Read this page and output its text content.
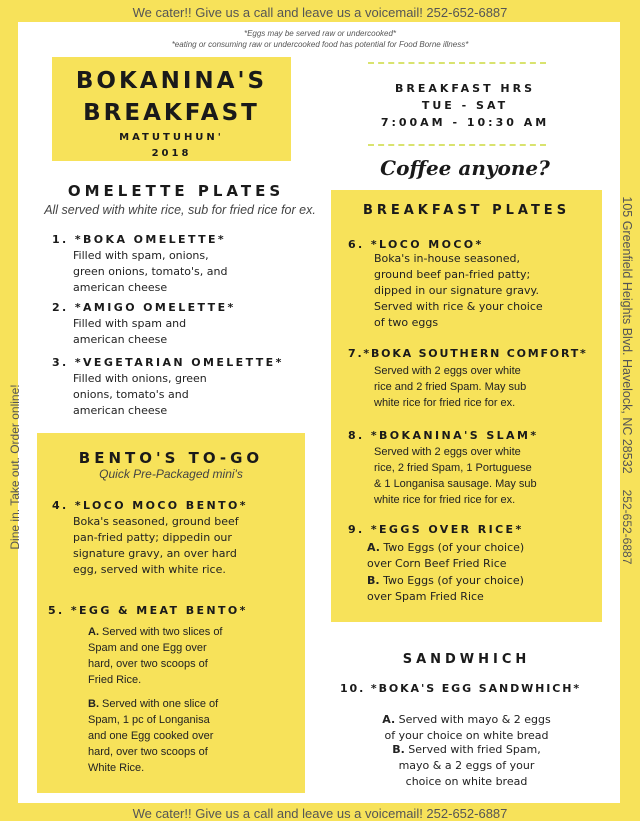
We cater!! Give us a call and leave us a voicemail! 252-652-6887
We cater!! Give us a call and leave us a voicemail! 252-652-6887
Dine in. Take out. Order online!	105 Greenfield Heights Blvd. Havelock, NC 28532
252-652-6887
*Eggs may be served raw or undercooked*
*eating or consuming raw or undercooked food has potential for Food Borne illness*
BOKANINA'S
BREAKFAST
MATUTUHUN'
2018
BREAKFAST HRS
TUE - SAT
7:00AM - 10:30 AM
Coffee anyone?
OMELETTE PLATES
All served with white rice, sub for fried rice for ex.
1. *BOKA OMELETTE*
Filled with spam, onions,
green onions, tomato's, and
american cheese
2. *AMIGO OMELETTE*
Filled with spam and
american cheese
3. *VEGETARIAN OMELETTE*
Filled with onions, green
onions, tomato's and
american cheese
BENTO'S TO-GO
Quick Pre-Packaged mini's
4. *LOCO MOCO BENTO*
Boka's seasoned, ground beef
pan-fried patty; dippedin our
signature gravy, an over hard
egg, served with white rice.
5. *EGG & MEAT BENTO*
A. Served with two slices of
Spam and one Egg over
hard, over two scoops of
Fried Rice.
B. Served with one slice of
Spam, 1 pc of Longanisa
and one Egg cooked over
hard, over two scoops of
White Rice.
BREAKFAST PLATES
6. *LOCO MOCO*
Boka's in-house seasoned,
ground beef pan-fried patty;
dipped in our signature gravy.
Served with rice & your choice
of two eggs
7.*BOKA SOUTHERN COMFORT*
Served with 2 eggs over white
rice and 2 fried Spam. May sub
white rice for fried rice for ex.
8. *BOKANINA'S SLAM*
Served with 2 eggs over white
rice, 2 fried Spam, 1 Portuguese
& 1 Longanisa sausage. May sub
white rice for fried rice for ex.
9. *EGGS OVER RICE*
A. Two Eggs (of your choice)
over Corn Beef Fried Rice
B. Two Eggs (of your choice)
over Spam Fried Rice
SANDWHICH
10. *BOKA'S EGG SANDWHICH*
A. Served with mayo & 2 eggs
of your choice on white bread
B. Served with fried Spam,
mayo & a 2 eggs of your
choice on white bread
